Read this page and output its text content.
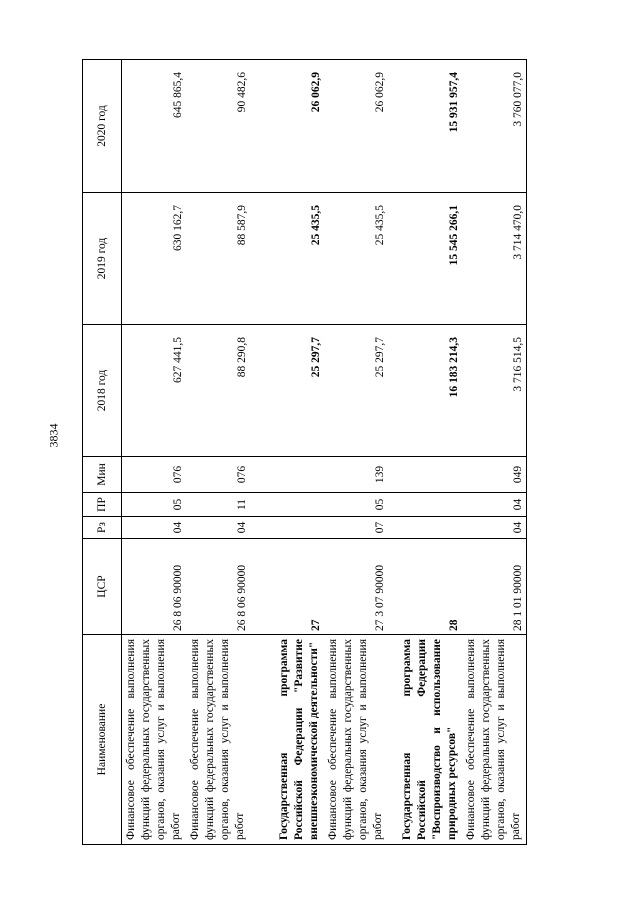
3834
Наименование	ЦСР	Рз	ПР	Мин	2018 год	2019 год	2020 год
Финансовое обеспечение выполнения функций федеральных государственных органов, оказания услуг и выполнения работ	26 8 06 90000	04	05	076	627 441,5	630 162,7	645 865,4
Финансовое обеспечение выполнения функций федеральных государственных органов, оказания услуг и выполнения работ	26 8 06 90000	04	11	076	88 290,8	88 587,9	90 482,6
Государственная программа Российской Федерации "Развитие внешнеэкономической деятельности"	27				25 297,7	25 435,5	26 062,9
Финансовое обеспечение выполнения функций федеральных государственных органов, оказания услуг и выполнения работ	27 3 07 90000	07	05	139	25 297,7	25 435,5	26 062,9
Государственная программа Российской Федерации "Воспроизводство и использование природных ресурсов"	28				16 183 214,3	15 545 266,1	15 931 957,4
Финансовое обеспечение выполнения функций федеральных государственных органов, оказания услуг и выполнения работ	28 1 01 90000	04	04	049	3 716 514,5	3 714 470,0	3 760 077,0
